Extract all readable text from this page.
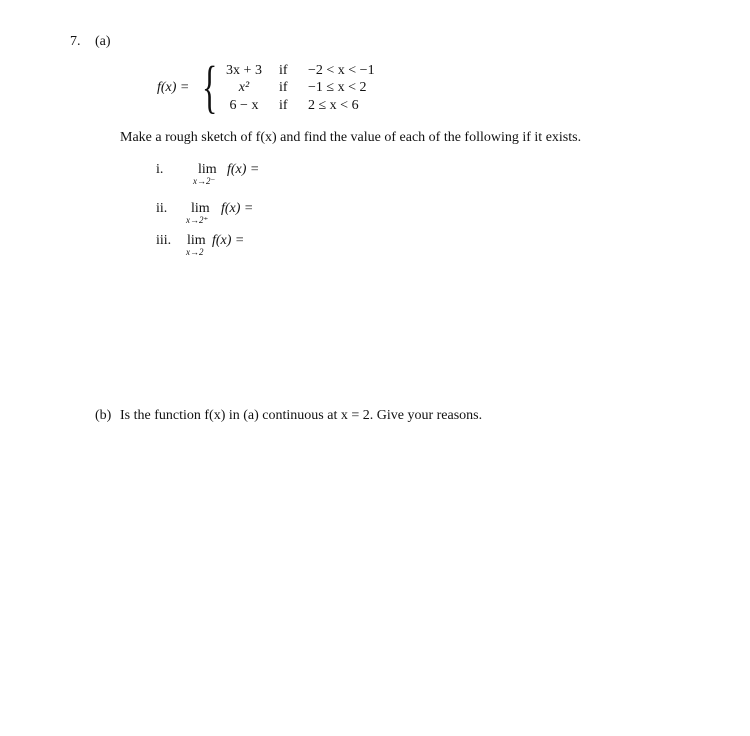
7. (a)
f(x) = { 3x + 3	if −2 < x < −1
x²	if −1 ≤ x < 2
6 − x	if 2 ≤ x < 6
Make a rough sketch of f(x) and find the value of each of the following if it exists.
i. lim
x→2⁻
f(x) =
ii. lim
x→2⁺
f(x) =
iii. lim
x→2
f(x) =
(b) Is the function f(x) in (a) continuous at x = 2. Give your reasons.
